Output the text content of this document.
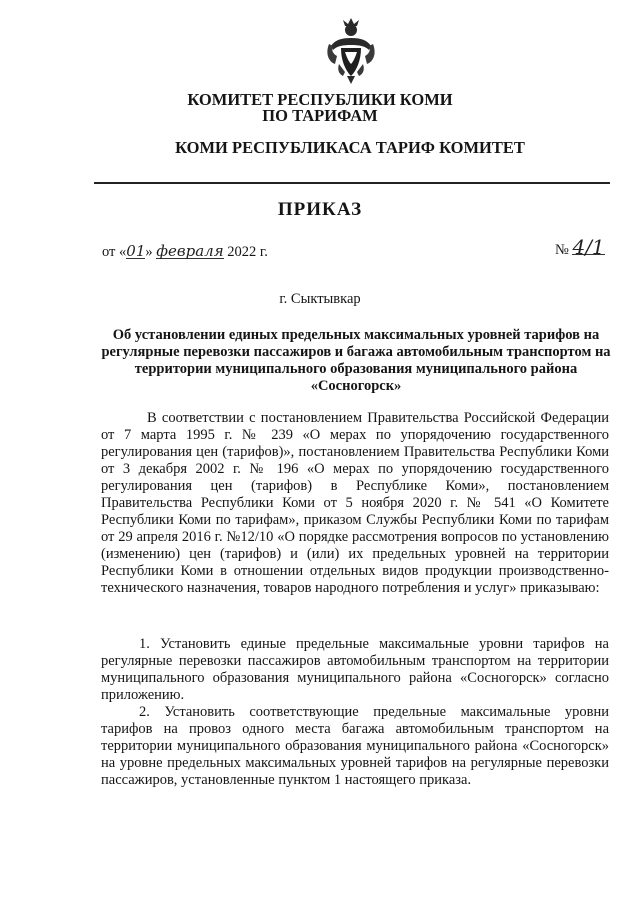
КОМИТЕТ РЕСПУБЛИКИ КОМИ
ПО ТАРИФАМ
КОМИ РЕСПУБЛИКАСА ТАРИФ КОМИТЕТ
ПРИКАЗ
от «01» февраля 2022 г.	№ 4/1
г. Сыктывкар
Об установлении единых предельных максимальных уровней тарифов на регулярные перевозки пассажиров и багажа автомобильным транспортом на территории муниципального образования муниципального района «Сосногорск»
В соответствии с постановлением Правительства Российской Федерации от 7 марта 1995 г. № 239 «О мерах по упорядочению государственного регулирования цен (тарифов)», постановлением Правительства Республики Коми от 3 декабря 2002 г. № 196 «О мерах по упорядочению государственного регулирования цен (тарифов) в Республике Коми», постановлением Правительства Республики Коми от 5 ноября 2020 г. № 541 «О Комитете Республики Коми по тарифам», приказом Службы Республики Коми по тарифам от 29 апреля 2016 г. №12/10 «О порядке рассмотрения вопросов по установлению (изменению) цен (тарифов) и (или) их предельных уровней на территории Республики Коми в отношении отдельных видов продукции производственно-технического назначения, товаров народного потребления и услуг» приказываю:
1. Установить единые предельные максимальные уровни тарифов на регулярные перевозки пассажиров автомобильным транспортом на территории муниципального образования муниципального района «Сосногорск» согласно приложению.
2. Установить соответствующие предельные максимальные уровни тарифов на провоз одного места багажа автомобильным транспортом на территории муниципального образования муниципального района «Сосногорск» на уровне предельных максимальных уровней тарифов на регулярные перевозки пассажиров, установленные пунктом 1 настоящего приказа.
